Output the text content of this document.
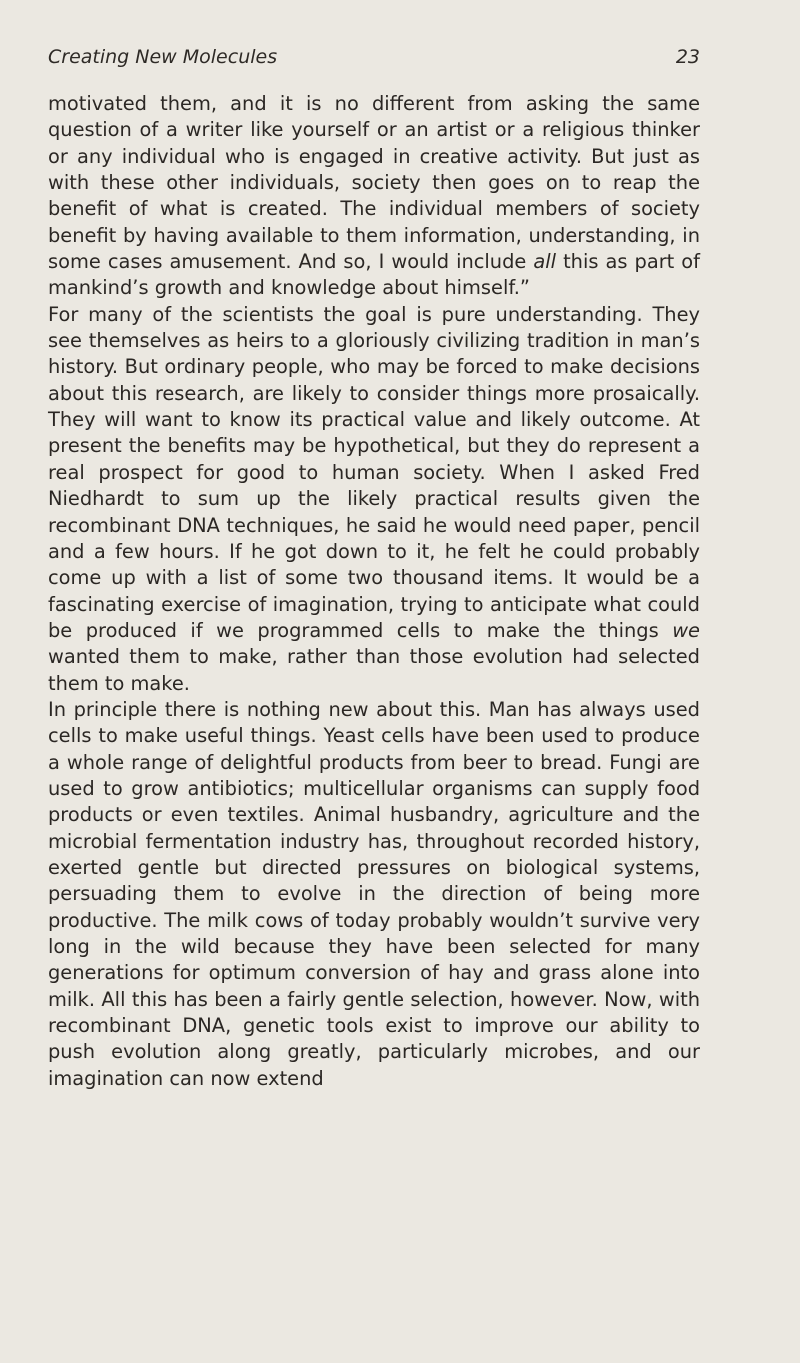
Creating New Molecules	23

motivated them, and it is no different from asking the same question of a writer like yourself or an artist or a religious thinker or any individual who is engaged in creative activity. But just as with these other individuals, society then goes on to reap the benefit of what is created. The individual members of society benefit by having available to them information, understanding, in some cases amusement. And so, I would include all this as part of mankind’s growth and knowledge about himself.”

For many of the scientists the goal is pure understanding. They see themselves as heirs to a gloriously civilizing tradition in man’s history. But ordinary people, who may be forced to make decisions about this research, are likely to consider things more prosaically. They will want to know its practical value and likely outcome. At present the benefits may be hypothetical, but they do represent a real prospect for good to human society. When I asked Fred Niedhardt to sum up the likely practical results given the recombinant DNA techniques, he said he would need paper, pencil and a few hours. If he got down to it, he felt he could probably come up with a list of some two thousand items. It would be a fascinating exercise of imagination, trying to anticipate what could be produced if we programmed cells to make the things we wanted them to make, rather than those evolution had selected them to make.

In principle there is nothing new about this. Man has always used cells to make useful things. Yeast cells have been used to produce a whole range of delightful products from beer to bread. Fungi are used to grow antibiotics; multicellular organisms can supply food products or even textiles. Animal husbandry, agriculture and the microbial fermentation industry has, throughout recorded history, exerted gentle but directed pressures on biological systems, persuading them to evolve in the direction of being more productive. The milk cows of today probably wouldn’t survive very long in the wild because they have been selected for many generations for optimum conversion of hay and grass alone into milk. All this has been a fairly gentle selection, however. Now, with recombinant DNA, genetic tools exist to improve our ability to push evolution along greatly, particularly microbes, and our imagination can now extend
